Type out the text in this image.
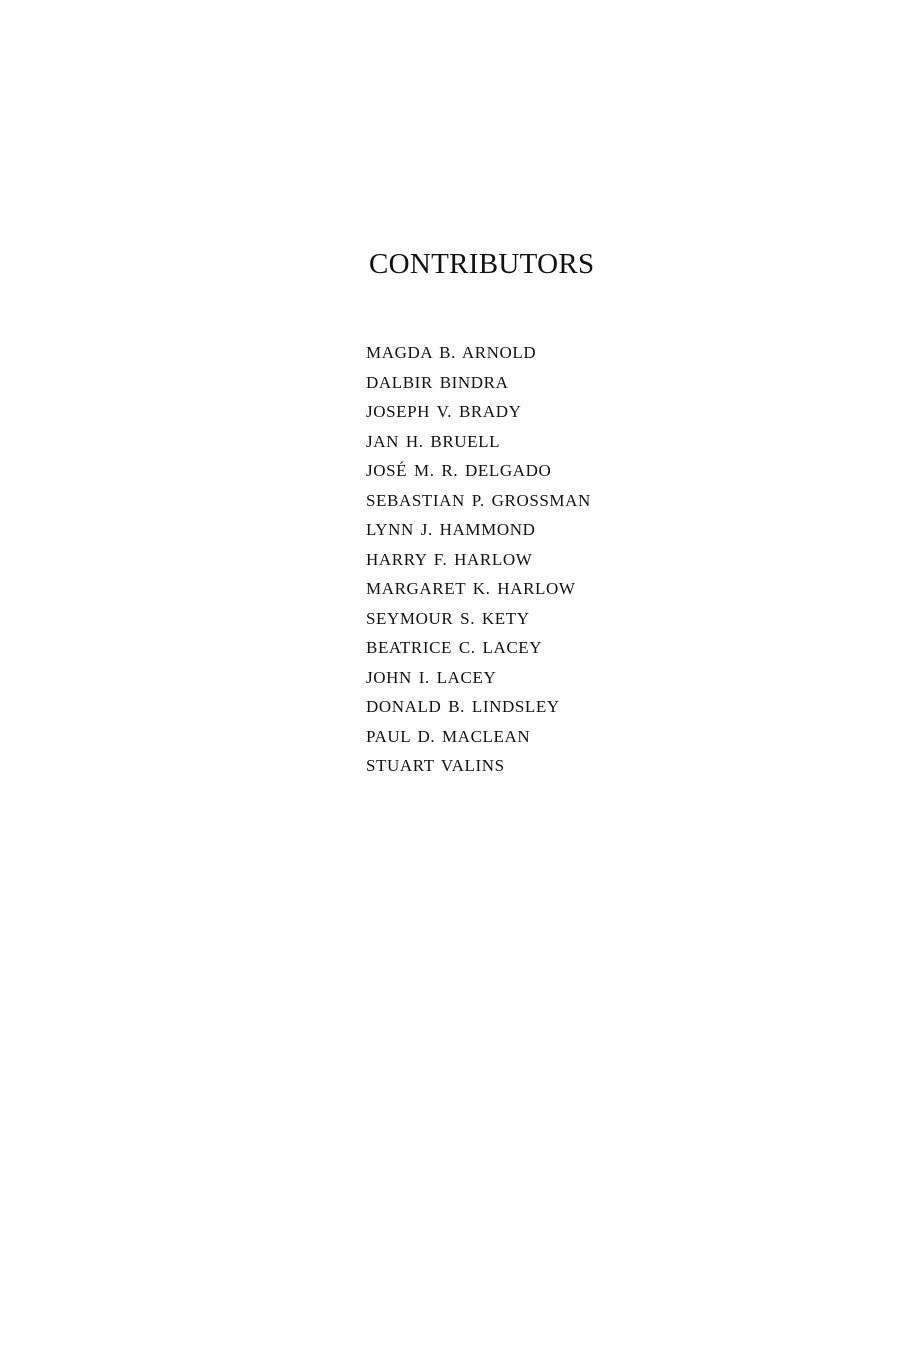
CONTRIBUTORS
MAGDA B. ARNOLD
DALBIR BINDRA
JOSEPH V. BRADY
JAN H. BRUELL
JOSÉ M. R. DELGADO
SEBASTIAN P. GROSSMAN
LYNN J. HAMMOND
HARRY F. HARLOW
MARGARET K. HARLOW
SEYMOUR S. KETY
BEATRICE C. LACEY
JOHN I. LACEY
DONALD B. LINDSLEY
PAUL D. MACLEAN
STUART VALINS
